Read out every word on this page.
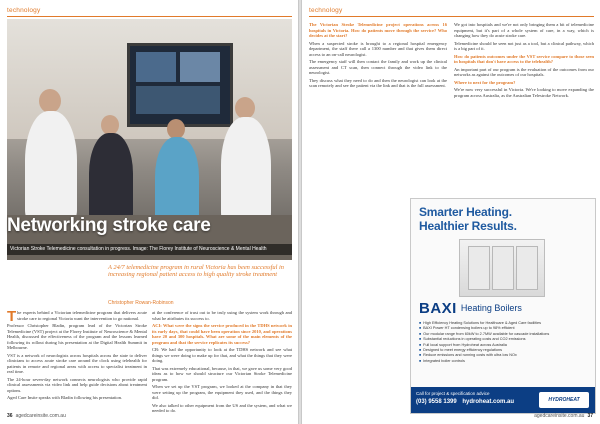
technology
Networking stroke care
Victorian Stroke Telemedicine consultation in progress. Image: The Florey Institute of Neuroscience & Mental Health
A 24/7 telemedicine program in rural Victoria has been successful in increasing regional patient access to high quality stroke treatment
Christopher Rowan-Robinson

The experts behind a Victorian telemedicine program that delivers acute stroke care to regional Victoria want the intervention to go national.

Professor Christopher Bladin, program lead of the Victorian Stroke Telemedicine (VST) project at the Florey Institute of Neuroscience & Mental Health, discussed the effectiveness of the program and the lessons learned following its rollout during his presentation at the Digital Health Summit in Melbourne.

VST is a network of neurologists across hospitals across the state to deliver clinicians to access acute stroke care around the clock using telehealth for patients in remote and regional areas with access to specialist treatment in real time.

The 24-hour seven-day network connects neurologists who provide rapid clinical assessments via video link and help guide decisions about treatment options.

Aged Care Insite speaks with Bladin following his presentation.

at the conference of trust out to be truly using the system work through and what he attributes its success to.

ACI: What were the signs the service produced in the TDHS network in its early days, that could have been operation since 2010, and operations have 20 and 300 hospitals. What are some of the main elements of the program and that the service replicates its success?

CB: We had the opportunity to look at the TDHS network and see what things we were doing to make up for that, and what the things that they were doing.

That was extremely educational, because, in that, we gave us some very good ideas as to how we should structure our Victorian Stroke Telemedicine program.

When we set up the VST program, we looked at the company in that they were setting up the program, the equipment they used, and the things they did.

We also talked to other equipment from the US and the system, and what we needed to do.

36 agedcareinsite.com.au
technology

The Victorian Stroke Telemedicine project operations across 16 hospitals in Victoria. How do patients move through the service? Who decides at the start?

When a suspected stroke is brought to a regional hospital emergency department, the staff there call a 1300 number and that gives them direct access to an on-call neurologist.

The emergency staff will then contact the family and work up the clinical assessment and CT scan, then connect through the video link to the neurologist.

They discuss what they need to do and then the neurologist can look at the scan remotely and see the patient via the link and that is the full assessment.

We got into hospitals and we're not only bringing them a bit of telemedicine equipment, but it's part of a whole system of care, in a way, which is changing how they do acute stroke care.

Telemedicine should be seen not just as a tool, but a clinical pathway, which is a big part of it.

How do patients outcomes under the VST service compare to those seen in hospitals that don't have access to the telehealth?

An important part of our program is the evaluation of the outcomes from our networks as against the outcomes of our hospitals.

Where to next for the program?

We're now very successful in Victoria. We're looking to move expanding the program across Australia, as the Australian Telestroke Network.

Smarter Heating.
Healthier Results.
BAXI Heating Boilers
■ High Efficiency Heating Solutions for Healthcare & Aged Care facilities
■ BAXI Power HT condensing boilers up to 98% efficient
■ Our modular range from 60kW to 2.7MW available for cascade installations
■ Substantial reductions in operating costs and CO2 emissions
■ Full local support from Hydroheat across Australia
■ Designed to meet energy efficiency regulations
■ Reduce emissions and running costs with ultra low NOx
■ Integrated boiler controls
Call for project & specification advice
(03) 9558 1399 hydroheat.com.au	HYDROHEAT
agedcareinsite.com.au 37
